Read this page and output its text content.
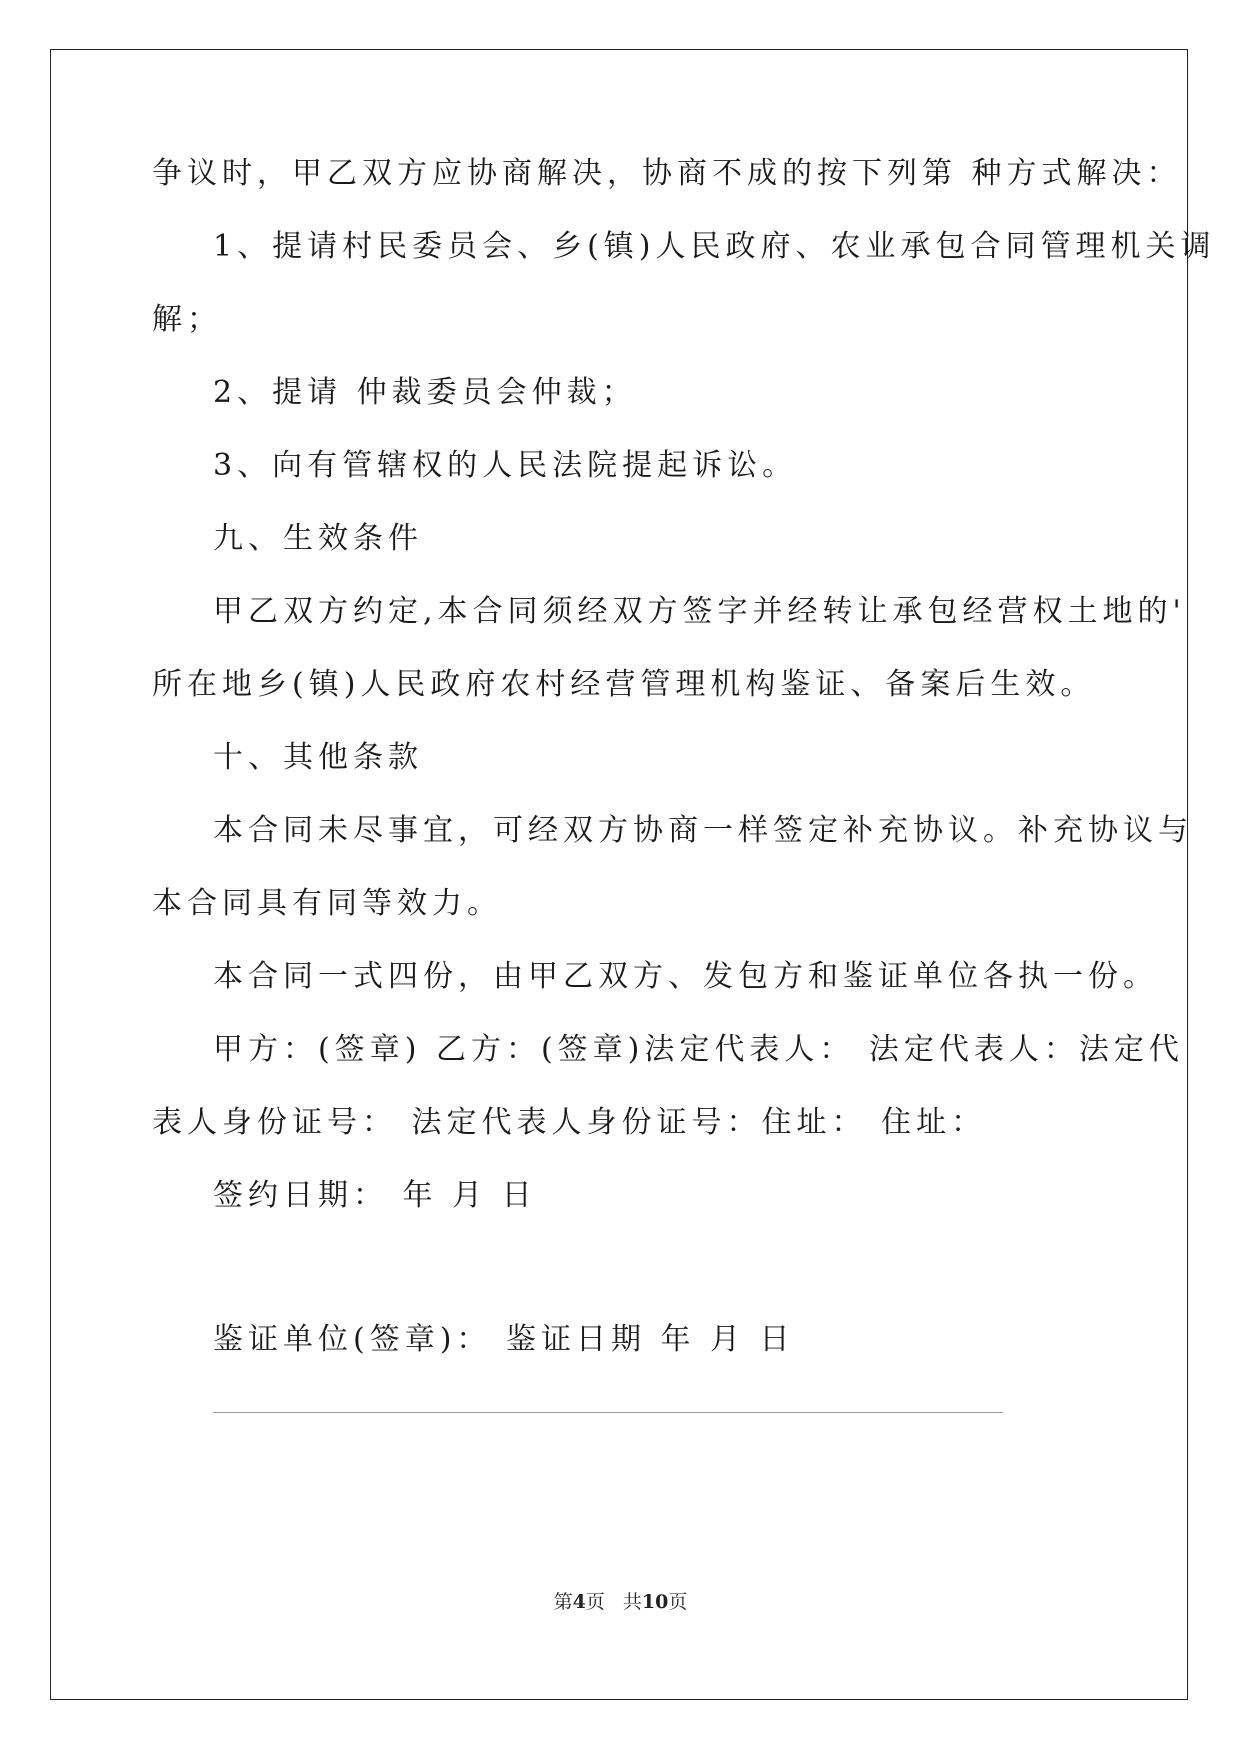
争议时，甲乙双方应协商解决，协商不成的按下列第 种方式解决：
1、提请村民委员会、乡(镇)人民政府、农业承包合同管理机关调
解；
2、提请 仲裁委员会仲裁；
3、向有管辖权的人民法院提起诉讼。
九、生效条件
甲乙双方约定,本合同须经双方签字并经转让承包经营权土地的'
所在地乡(镇)人民政府农村经营管理机构鉴证、备案后生效。
十、其他条款
本合同未尽事宜，可经双方协商一样签定补充协议。补充协议与
本合同具有同等效力。
本合同一式四份，由甲乙双方、发包方和鉴证单位各执一份。
甲方：(签章) 乙方：(签章)法定代表人： 法定代表人：法定代
表人身份证号： 法定代表人身份证号：住址： 住址：
签约日期： 年 月 日
鉴证单位(签章)： 鉴证日期 年 月 日
第4页 共10页
